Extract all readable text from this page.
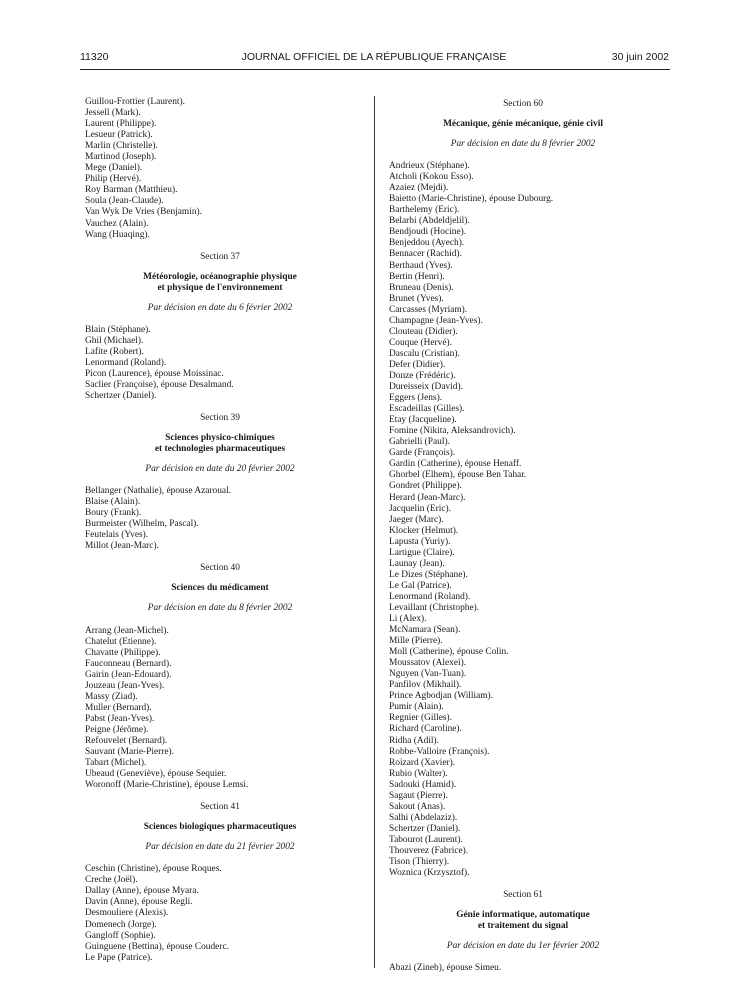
11320	JOURNAL OFFICIEL DE LA RÉPUBLIQUE FRANÇAISE	30 juin 2002
Guillou-Frottier (Laurent).
Jessell (Mark).
Laurent (Philippe).
Lesueur (Patrick).
Marlin (Christelle).
Martinod (Joseph).
Mege (Daniel).
Philip (Hervé).
Roy Barman (Matthieu).
Soula (Jean-Claude).
Van Wyk De Vries (Benjamin).
Vauchez (Alain).
Wang (Huaqing).
Section 37
Météorologie, océanographie physique
et physique de l'environnement
Par décision en date du 6 février 2002
Blain (Stéphane).
Ghil (Michael).
Lafite (Robert).
Lenormand (Roland).
Picon (Laurence), épouse Moissinac.
Saclier (Françoise), épouse Desalmand.
Schertzer (Daniel).
Section 39
Sciences physico-chimiques
et technologies pharmaceutiques
Par décision en date du 20 février 2002
Bellanger (Nathalie), épouse Azaroual.
Blaise (Alain).
Boury (Frank).
Burmeister (Wilhelm, Pascal).
Feutelais (Yves).
Millot (Jean-Marc).
Section 40
Sciences du médicament
Par décision en date du 8 février 2002
Arrang (Jean-Michel).
Chatelut (Etienne).
Chavatte (Philippe).
Fauconneau (Bernard).
Gairin (Jean-Edouard).
Jouzeau (Jean-Yves).
Massy (Ziad).
Muller (Bernard).
Pabst (Jean-Yves).
Peigne (Jérôme).
Refouvelet (Bernard).
Sauvant (Marie-Pierre).
Tabart (Michel).
Ubeaud (Geneviève), épouse Sequier.
Woronoff (Marie-Christine), épouse Lemsi.
Section 41
Sciences biologiques pharmaceutiques
Par décision en date du 21 février 2002
Ceschin (Christine), épouse Roques.
Creche (Joël).
Dallay (Anne), épouse Myara.
Davin (Anne), épouse Regli.
Desmouliere (Alexis).
Domenech (Jorge).
Gangloff (Sophie).
Guinguene (Bettina), épouse Couderc.
Le Pape (Patrice).
Section 60
Mécanique, génie mécanique, génie civil
Par décision en date du 8 février 2002
Andrieux (Stéphane).
Atcholi (Kokou Esso).
Azaiez (Mejdi).
Baietto (Marie-Christine), épouse Dubourg.
Barthelemy (Eric).
Belarbi (Abdeldjelil).
Bendjoudi (Hocine).
Benjeddou (Ayech).
Bennacer (Rachid).
Berthaud (Yves).
Bertin (Henri).
Bruneau (Denis).
Brunet (Yves).
Carcasses (Myriam).
Champagne (Jean-Yves).
Clouteau (Didier).
Couque (Hervé).
Dascalu (Cristian).
Defer (Didier).
Donze (Frédéric).
Dureisseix (David).
Eggers (Jens).
Escadeillas (Gilles).
Etay (Jacqueline).
Fomine (Nikita, Aleksandrovich).
Gabrielli (Paul).
Garde (François).
Gardin (Catherine), épouse Henaff.
Ghorbel (Elhem), épouse Ben Tahar.
Gondret (Philippe).
Herard (Jean-Marc).
Jacquelin (Eric).
Jaeger (Marc).
Klocker (Helmut).
Lapusta (Yuriy).
Lartigue (Claire).
Launay (Jean).
Le Dizes (Stéphane).
Le Gal (Patrice).
Lenormand (Roland).
Levaillant (Christophe).
Li (Alex).
McNamara (Sean).
Mille (Pierre).
Moll (Catherine), épouse Colin.
Moussatov (Alexei).
Nguyen (Van-Tuan).
Panfilov (Mikhail).
Prince Agbodjan (William).
Pumir (Alain).
Regnier (Gilles).
Richard (Caroline).
Ridha (Adil).
Robbe-Valloire (François).
Roizard (Xavier).
Rubio (Walter).
Sadouki (Hamid).
Sagaut (Pierre).
Sakout (Anas).
Salhi (Abdelaziz).
Schertzer (Daniel).
Tabourot (Laurent).
Thouverez (Fabrice).
Tison (Thierry).
Woznica (Krzysztof).
Section 61
Génie informatique, automatique
et traitement du signal
Par décision en date du 1er février 2002
Abazi (Zineb), épouse Simeu.
